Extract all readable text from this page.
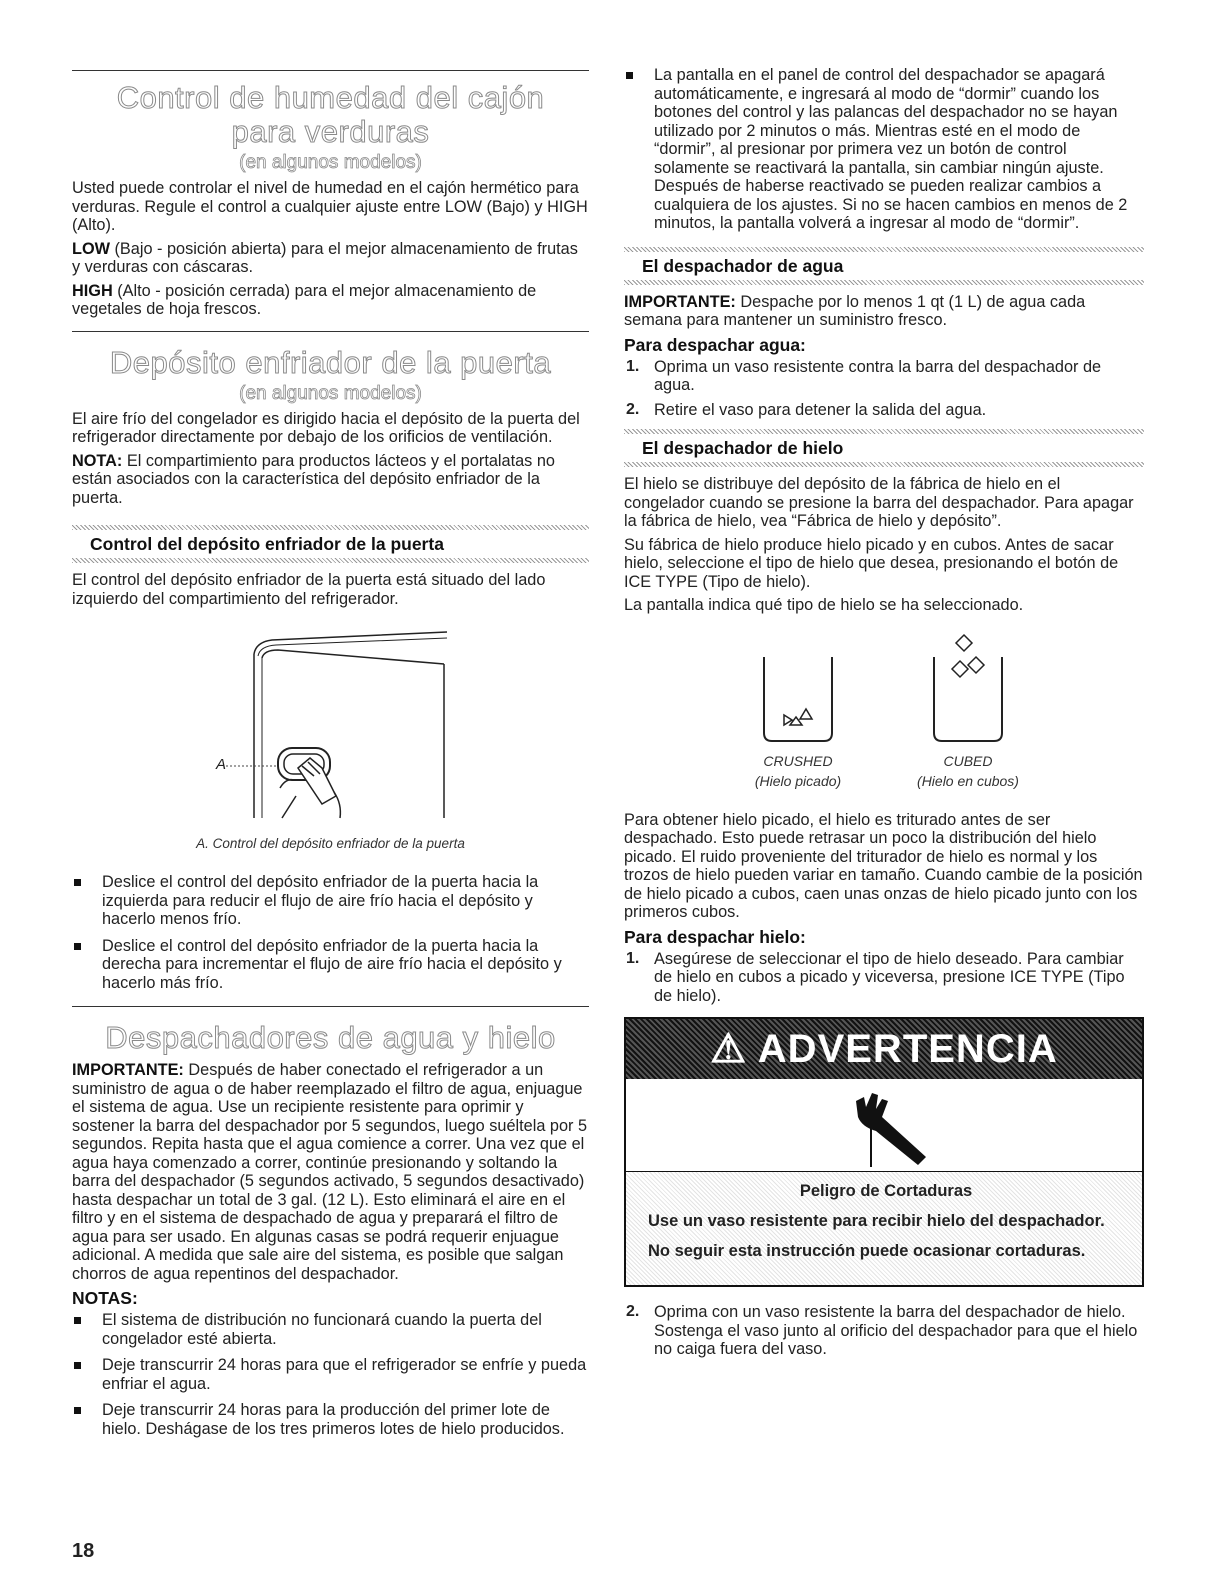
Control de humedad del cajón
para verduras
(en algunos modelos)

Usted puede controlar el nivel de humedad en el cajón hermético para verduras. Regule el control a cualquier ajuste entre LOW (Bajo) y HIGH (Alto).

LOW (Bajo - posición abierta) para el mejor almacenamiento de frutas y verduras con cáscaras.

HIGH (Alto - posición cerrada) para el mejor almacenamiento de vegetales de hoja frescos.

Depósito enfriador de la puerta
(en algunos modelos)

El aire frío del congelador es dirigido hacia el depósito de la puerta del refrigerador directamente por debajo de los orificios de ventilación.

NOTA: El compartimiento para productos lácteos y el portalatas no están asociados con la característica del depósito enfriador de la puerta.

Control del depósito enfriador de la puerta

El control del depósito enfriador de la puerta está situado del lado izquierdo del compartimiento del refrigerador.

A
A. Control del depósito enfriador de la puerta

Deslice el control del depósito enfriador de la puerta hacia la izquierda para reducir el flujo de aire frío hacia el depósito y hacerlo menos frío.

Deslice el control del depósito enfriador de la puerta hacia la derecha para incrementar el flujo de aire frío hacia el depósito y hacerlo más frío.

Despachadores de agua y hielo

IMPORTANTE: Después de haber conectado el refrigerador a un suministro de agua o de haber reemplazado el filtro de agua, enjuague el sistema de agua. Use un recipiente resistente para oprimir y sostener la barra del despachador por 5 segundos, luego suéltela por 5 segundos. Repita hasta que el agua comience a correr. Una vez que el agua haya comenzado a correr, continúe presionando y soltando la barra del despachador (5 segundos activado, 5 segundos desactivado) hasta despachar un total de 3 gal. (12 L). Esto eliminará el aire en el filtro y en el sistema de despachado de agua y preparará el filtro de agua para ser usado. En algunas casas se podrá requerir enjuague adicional. A medida que sale aire del sistema, es posible que salgan chorros de agua repentinos del despachador.

NOTAS:

El sistema de distribución no funcionará cuando la puerta del congelador esté abierta.

Deje transcurrir 24 horas para que el refrigerador se enfríe y pueda enfriar el agua.

Deje transcurrir 24 horas para la producción del primer lote de hielo. Deshágase de los tres primeros lotes de hielo producidos.

La pantalla en el panel de control del despachador se apagará automáticamente, e ingresará al modo de “dormir” cuando los botones del control y las palancas del despachador no se hayan utilizado por 2 minutos o más. Mientras esté en el modo de “dormir”, al presionar por primera vez un botón de control solamente se reactivará la pantalla, sin cambiar ningún ajuste. Después de haberse reactivado se pueden realizar cambios a cualquiera de los ajustes. Si no se hacen cambios en menos de 2 minutos, la pantalla volverá a ingresar al modo de “dormir”.

El despachador de agua

IMPORTANTE: Despache por lo menos 1 qt (1 L) de agua cada semana para mantener un suministro fresco.

Para despachar agua:
1. Oprima un vaso resistente contra la barra del despachador de agua.

2. Retire el vaso para detener la salida del agua.

El despachador de hielo

El hielo se distribuye del depósito de la fábrica de hielo en el congelador cuando se presione la barra del despachador. Para apagar la fábrica de hielo, vea “Fábrica de hielo y depósito”.

Su fábrica de hielo produce hielo picado y en cubos. Antes de sacar hielo, seleccione el tipo de hielo que desea, presionando el botón de ICE TYPE (Tipo de hielo).

La pantalla indica qué tipo de hielo se ha seleccionado.

CRUSHED
(Hielo picado)
CUBED
(Hielo en cubos)

Para obtener hielo picado, el hielo es triturado antes de ser despachado. Esto puede retrasar un poco la distribución del hielo picado. El ruido proveniente del triturador de hielo es normal y los trozos de hielo pueden variar en tamaño. Cuando cambie de la posición de hielo picado a cubos, caen unas onzas de hielo picado junto con los primeros cubos.

Para despachar hielo:
1. Asegúrese de seleccionar el tipo de hielo deseado. Para cambiar de hielo en cubos a picado y viceversa, presione ICE TYPE (Tipo de hielo).

⚠ ADVERTENCIA
Peligro de Cortaduras
Use un vaso resistente para recibir hielo del despachador.
No seguir esta instrucción puede ocasionar cortaduras.
2. Oprima con un vaso resistente la barra del despachador de hielo. Sostenga el vaso junto al orificio del despachador para que el hielo no caiga fuera del vaso.

18
